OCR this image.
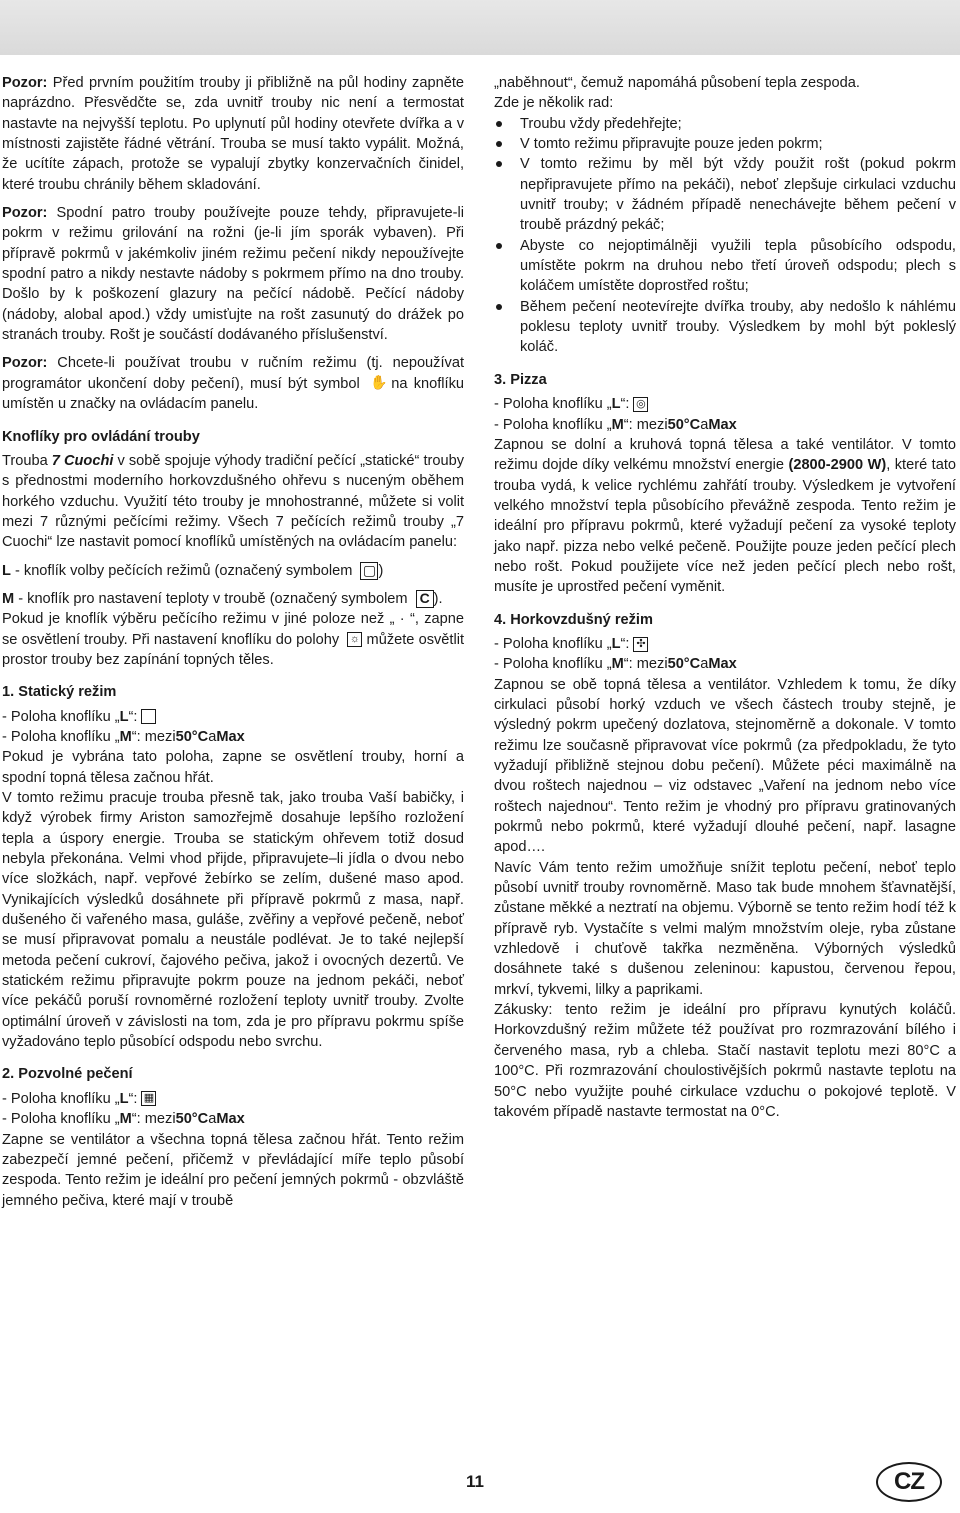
Pozor: Před prvním použitím trouby ji přibližně na půl hodiny zapněte naprázdno. Přesvědčte se, zda uvnitř trouby nic není a termostat nastavte na nejvyšší teplotu. Po uplynutí půl hodiny otevřete dvířka a v místnosti zajistěte řádné větrání. Trouba se musí takto vypálit. Možná, že ucítíte zápach, protože se vypalují zbytky konzervačních činidel, které troubu chránily během skladování.

Pozor: Spodní patro trouby používejte pouze tehdy, připravujete-li pokrm v režimu grilování na rožni (je-li jím sporák vybaven). Při přípravě pokrmů v jakémkoliv jiném režimu pečení nikdy nepoužívejte spodní patro a nikdy nestavte nádoby s pokrmem přímo na dno trouby. Došlo by k poškození glazury na pečící nádobě. Pečící nádoby (nádoby, alobal apod.) vždy umisťujte na rošt zasunutý do drážek po stranách trouby. Rošt je součástí dodávaného příslušenství.

Pozor: Chcete-li používat troubu v ručním režimu (tj. nepoužívat programátor ukončení doby pečení), musí být symbol ✋ na knoflíku umístěn u značky na ovládacím panelu.

Knoflíky pro ovládání trouby

Trouba 7 Cuochi v sobě spojuje výhody tradiční pečící „statické“ trouby s přednostmi moderního horkovzdušného ohřevu s nuceným oběhem horkého vzduchu. Využití této trouby je mnohostranné, můžete si volit mezi 7 různými pečícími režimy. Všech 7 pečících režimů trouby „7 Cuochi“ lze nastavit pomocí knoflíků umístěných na ovládacím panelu:

L - knoflík volby pečících režimů (označený symbolem ▢ )

M - knoflík pro nastavení teploty v troubě (označený symbolem C ).

Pokud je knoflík výběru pečícího režimu v jiné poloze než „ · “, zapne se osvětlení trouby. Při nastavení knoflíku do polohy ☼ můžete osvětlit prostor trouby bez zapínání topných těles.

1. Statický režim

- Poloha knoflíku „ L “:

- Poloha knoflíku „ M “: mezi 50°C a Max

Pokud je vybrána tato poloha, zapne se osvětlení trouby, horní a spodní topná tělesa začnou hřát.

V tomto režimu pracuje trouba přesně tak, jako trouba Vaší babičky, i když výrobek firmy Ariston samozřejmě dosahuje lepšího rozložení tepla a úspory energie. Trouba se statickým ohřevem totiž dosud nebyla překonána. Velmi vhod přijde, připravujete–li jídla o dvou nebo více složkách, např. vepřové žebírko se zelím, dušené maso apod. Vynikajících výsledků dosáhnete při přípravě pokrmů z masa, např. dušeného či vařeného masa, guláše, zvěřiny a vepřové pečeně, neboť se musí připravovat pomalu a neustále podlévat. Je to také nejlepší metoda pečení cukroví, čajového pečiva, jakož i ovocných dezertů. Ve statickém režimu připravujte pokrm pouze na jednom pekáči, neboť více pekáčů poruší rovnoměrné rozložení teploty uvnitř trouby. Zvolte optimální úroveň v závislosti na tom, zda je pro přípravu pokrmu spíše vyžadováno teplo působící odspodu nebo svrchu.

2. Pozvolné pečení

- Poloha knoflíku „ L “: ▦

- Poloha knoflíku „ M “: mezi 50°C a Max

Zapne se ventilátor a všechna topná tělesa začnou hřát. Tento režim zabezpečí jemné pečení, přičemž v převládající míře teplo působí zespoda. Tento režim je ideální pro pečení jemných pokrmů - obzvláště jemného pečiva, které mají v troubě

„naběhnout“, čemuž napomáhá působení tepla zespoda.

Zde je několik rad:

Troubu vždy předehřejte;
V tomto režimu připravujte pouze jeden pokrm;
V tomto režimu by měl být vždy použit rošt (pokud pokrm nepřipravujete přímo na pekáči), neboť zlepšuje cirkulaci vzduchu uvnitř trouby; v žádném případě nenechávejte během pečení v troubě prázdný pekáč;
Abyste co nejoptimálněji využili tepla působícího odspodu, umístěte pokrm na druhou nebo třetí úroveň odspodu; plech s koláčem umístěte doprostřed roštu;
Během pečení neotevírejte dvířka trouby, aby nedošlo k náhlému poklesu teploty uvnitř trouby. Výsledkem by mohl být pokleslý koláč.
3. Pizza

- Poloha knoflíku „ L “: ◎

- Poloha knoflíku „ M “: mezi 50°C a Max

Zapnou se dolní a kruhová topná tělesa a také ventilátor. V tomto režimu dojde díky velkému množství energie (2800-2900 W), které tato trouba vydá, k velice rychlému zahřátí trouby. Výsledkem je vytvoření velkého množství tepla působícího převážně zespoda. Tento režim je ideální pro přípravu pokrmů, které vyžadují pečení za vysoké teploty jako např. pizza nebo velké pečeně. Použijte pouze jeden pečící plech nebo rošt. Pokud použijete více než jeden pečící plech nebo rošt, musíte je uprostřed pečení vyměnit.

4. Horkovzdušný režim

- Poloha knoflíku „ L “: ✣

- Poloha knoflíku „ M “: mezi 50°C a Max

Zapnou se obě topná tělesa a ventilátor. Vzhledem k tomu, že díky cirkulaci působí horký vzduch ve všech částech trouby stejně, je výsledný pokrm upečený dozlatova, stejnoměrně a dokonale. V tomto režimu lze současně připravovat více pokrmů (za předpokladu, že tyto vyžadují přibližně stejnou dobu pečení). Můžete péci maximálně na dvou roštech najednou – viz odstavec „Vaření na jednom nebo více roštech najednou“. Tento režim je vhodný pro přípravu gratinovaných pokrmů nebo pokrmů, které vyžadují dlouhé pečení, např. lasagne apod….

Navíc Vám tento režim umožňuje snížit teplotu pečení, neboť teplo působí uvnitř trouby rovnoměrně. Maso tak bude mnohem šťavnatější, zůstane měkké a neztratí na objemu. Výborně se tento režim hodí též k přípravě ryb. Vystačíte s velmi malým množstvím oleje, ryba zůstane vzhledově i chuťově takřka nezměněna. Výborných výsledků dosáhnete také s dušenou zeleninou: kapustou, červenou řepou, mrkví, tykvemi, lilky a paprikami.

Zákusky: tento režim je ideální pro přípravu kynutých koláčů. Horkovzdušný režim můžete též používat pro rozmrazování bílého i červeného masa, ryb a chleba. Stačí nastavit teplotu mezi 80°C a 100°C. Při rozmrazování choulostivějších pokrmů nastavte teplotu na 50°C nebo využijte pouhé cirkulace vzduchu o pokojové teplotě. V takovém případě nastavte termostat na 0°C.

11	CZ
